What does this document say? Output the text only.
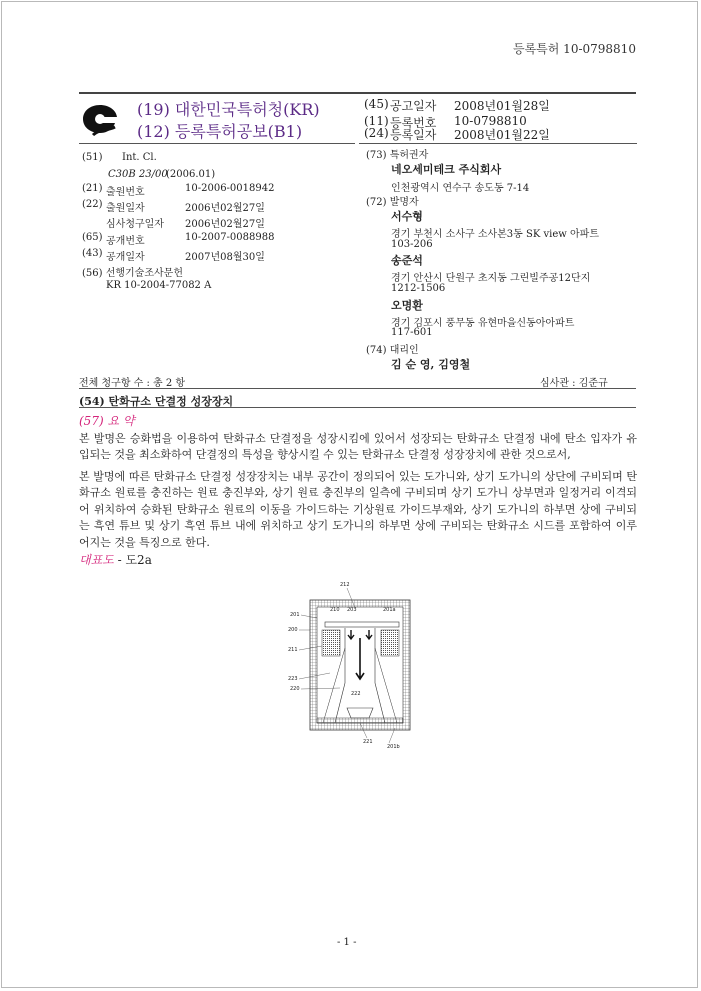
등록특허 10-0798810
(19) 대한민국특허청(KR)
(12) 등록특허공보(B1)
(45) 공고일자 2008년01월28일
(11) 등록번호 10-0798810
(24) 등록일자 2008년01월22일
(51) Int. Cl.
C30B 23/00
(2006.01)
(21) 출원번호	10-2006-0018942
(22) 출원일자	2006년02월27일
심사청구일자 2006년02월27일
(65) 공개번호	10-2007-0088988
(43) 공개일자	2007년08월30일
(56) 선행기술조사문헌
KR 10-2004-77082 A
(73) 특허권자
네오세미테크 주식회사
인천광역시 연수구 송도동 7-14
(72) 발명자
서수형
경기 부천시 소사구 소사본3동 SK view 아파트
103-206
송준석
경기 안산시 단원구 초지동 그린빌주공12단지
1212-1506
오명환
경기 김포시 풍무동 유현마을신동아아파트
117-601
(74) 대리인
김 순 영, 김영철
전체 청구항 수 : 총 2 항	심사관 : 김준규
(54) 탄화규소 단결정 성장장치
(57) 요 약
본 발명은 승화법을 이용하여 탄화규소 단결정을 성장시킴에 있어서 성장되는 탄화규소 단결정 내에 탄소 입자가 유입되는 것을 최소화하여 단결정의 특성을 향상시킬 수 있는 탄화규소 단결정 성장장치에 관한 것으로서,
본 발명에 따른 탄화규소 단결정 성장장치는 내부 공간이 정의되어 있는 도가니와, 상기 도가니의 상단에 구비되며 탄화규소 원료를 충진하는 원료 충진부와, 상기 원료 충진부의 일측에 구비되며 상기 도가니 상부면과 일정거리 이격되어 위치하여 승화된 탄화규소 원료의 이동을 가이드하는 기상원료 가이드부재와, 상기 도가니의 하부면 상에 구비되는 흑연 튜브 및 상기 흑연 튜브 내에 위치하고 상기 도가니의 하부면 상에 구비되는 탄화규소 시드를 포함하여 이루어지는 것을 특징으로 한다.
대표도 - 도2a
212
210 203	201a
201
200
211
223
220
222
221
201b
- 1 -
